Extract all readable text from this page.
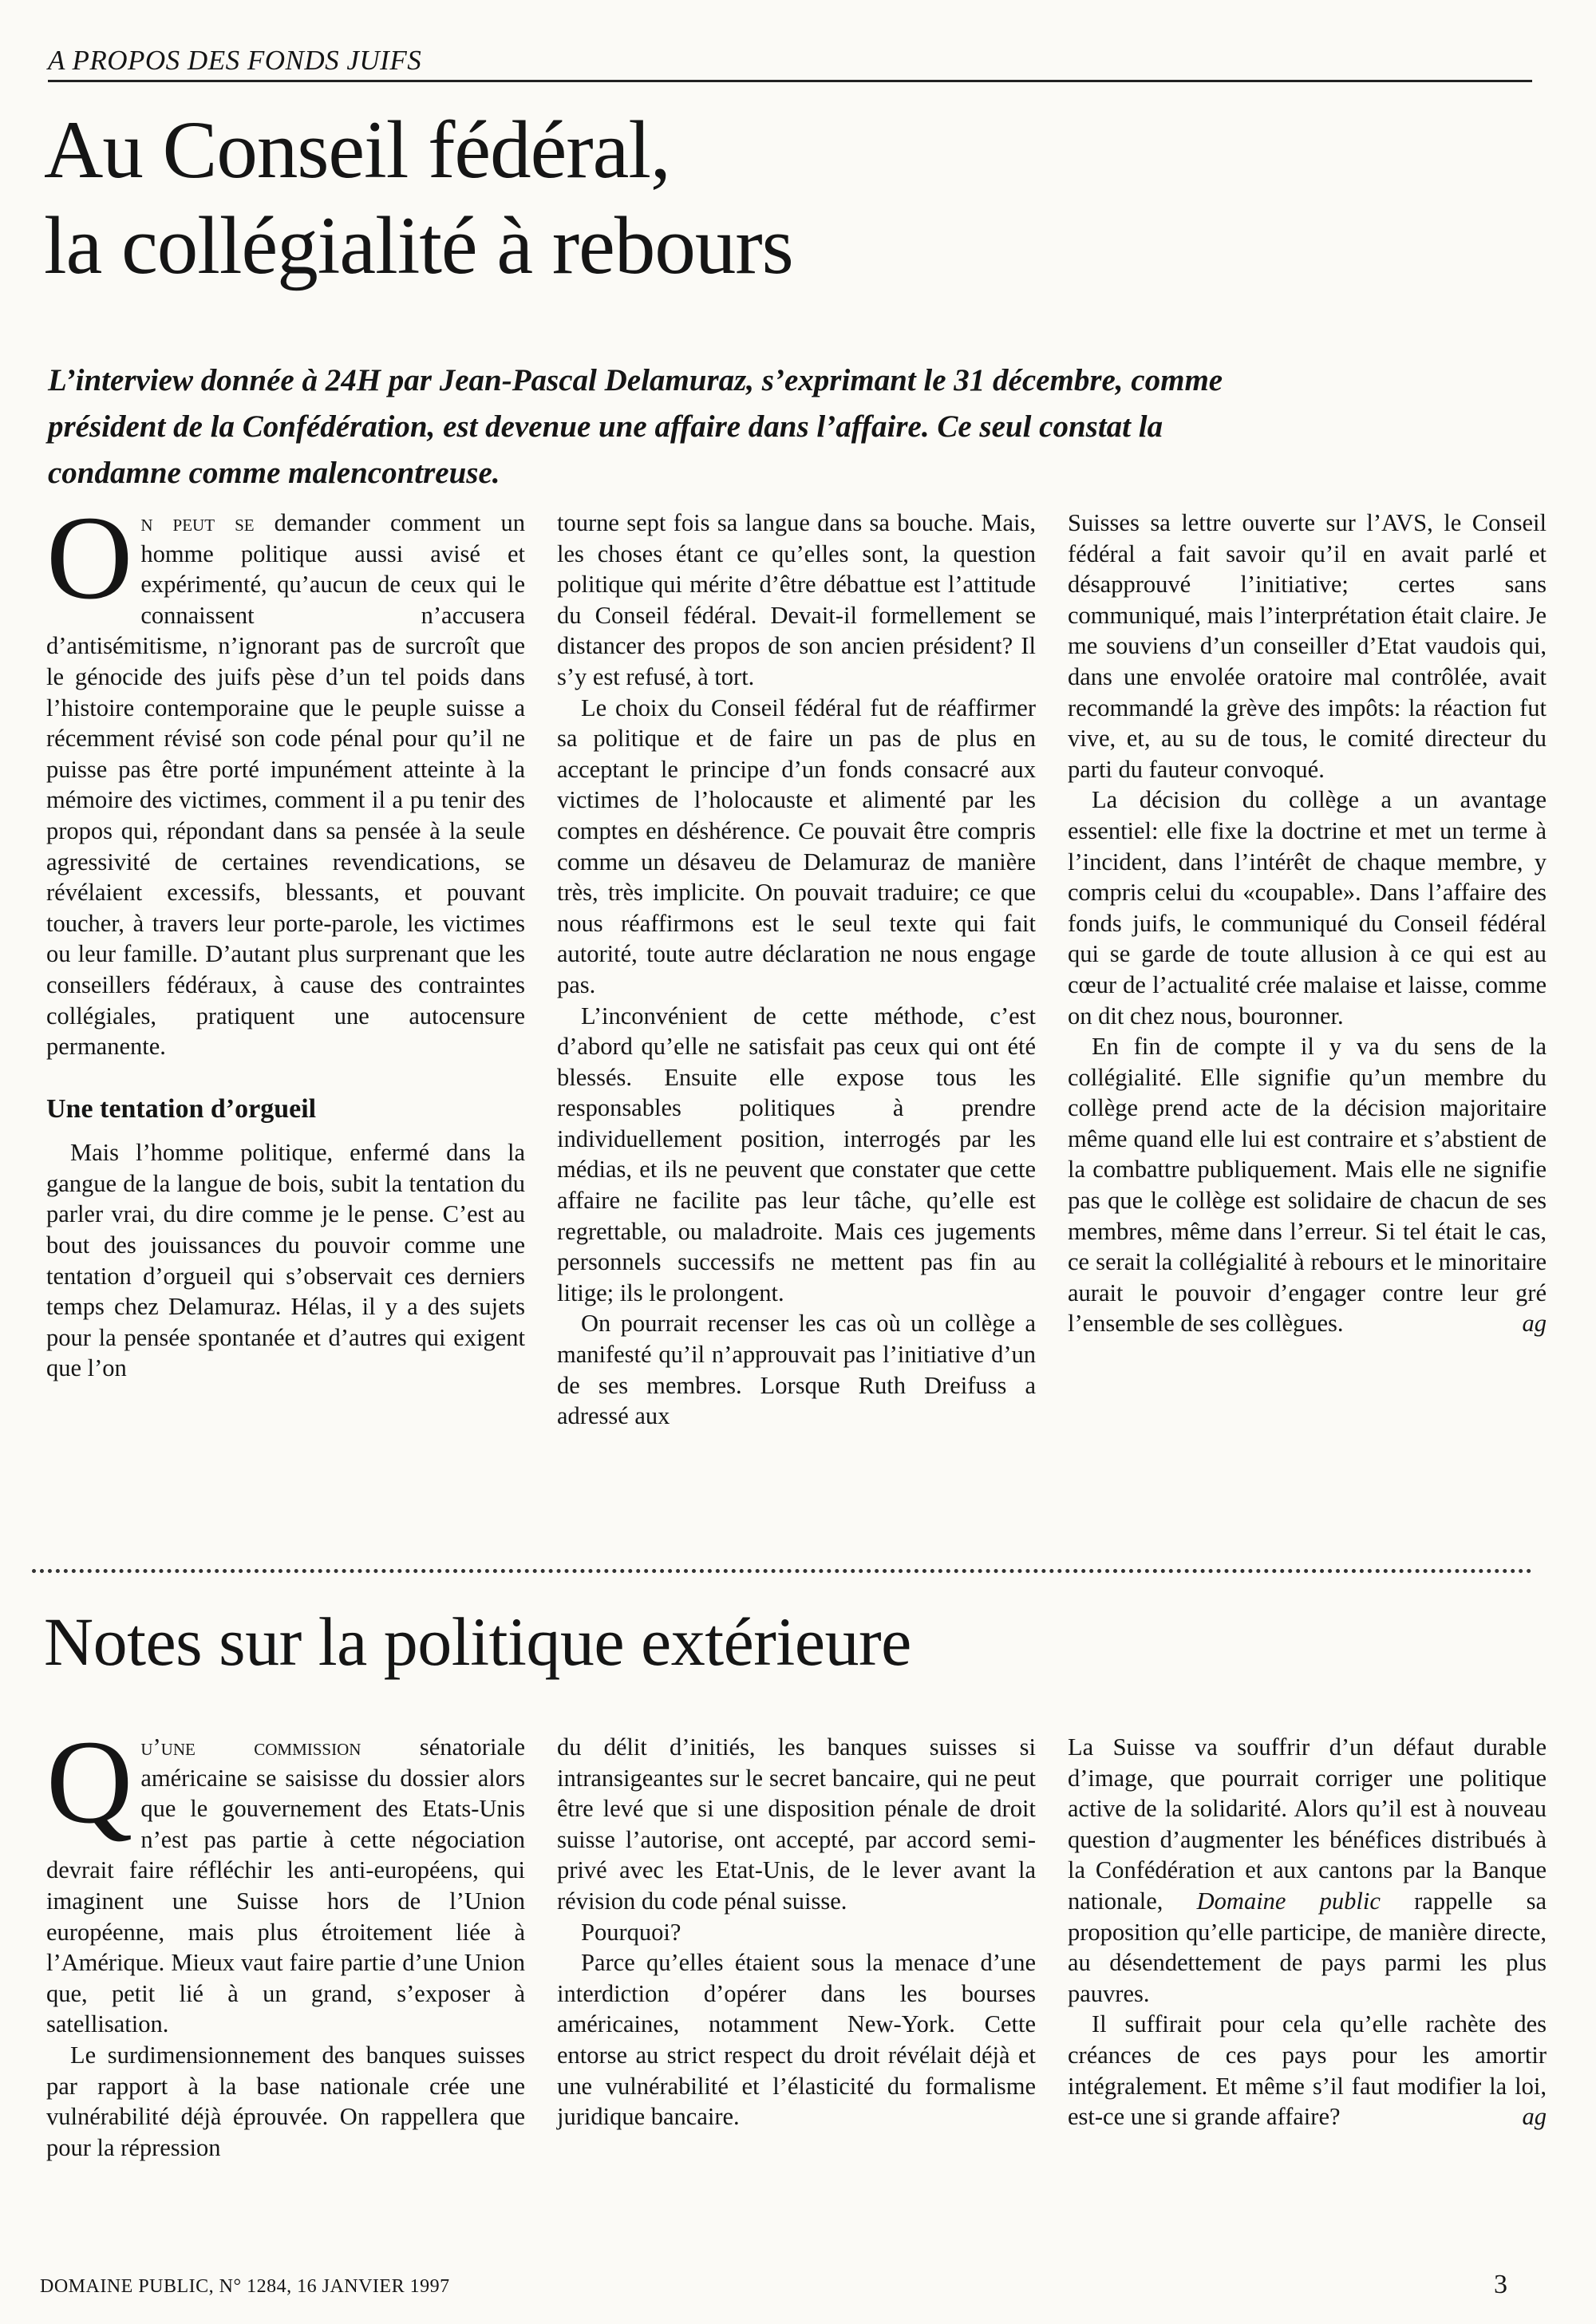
A PROPOS DES FONDS JUIFS
Au Conseil fédéral,
la collégialité à rebours
L’interview donnée à 24H par Jean-Pascal Delamuraz, s’exprimant le 31 décembre, comme président de la Confédération, est devenue une affaire dans l’affaire. Ce seul constat la condamne comme malencontreuse.

On peut se demander comment un homme politique aussi avisé et expérimenté, qu’aucun de ceux qui le connaissent n’accusera d’antisémitisme, n’ignorant pas de surcroît que le génocide des juifs pèse d’un tel poids dans l’histoire contemporaine que le peuple suisse a récemment révisé son code pénal pour qu’il ne puisse pas être porté impunément atteinte à la mémoire des victimes, comment il a pu tenir des propos qui, répondant dans sa pensée à la seule agressivité de certaines revendications, se révélaient excessifs, blessants, et pouvant toucher, à travers leur porte-parole, les victimes ou leur famille. D’autant plus surprenant que les conseillers fédéraux, à cause des contraintes collégiales, pratiquent une autocensure permanente.

Une tentation d’orgueil

Mais l’homme politique, enfermé dans la gangue de la langue de bois, subit la tentation du parler vrai, du dire comme je le pense. C’est au bout des jouissances du pouvoir comme une tentation d’orgueil qui s’observait ces derniers temps chez Delamuraz. Hélas, il y a des sujets pour la pensée spontanée et d’autres qui exigent que l’on

tourne sept fois sa langue dans sa bouche. Mais, les choses étant ce qu’elles sont, la question politique qui mérite d’être débattue est l’attitude du Conseil fédéral. Devait-il formellement se distancer des propos de son ancien président? Il s’y est refusé, à tort.

Le choix du Conseil fédéral fut de réaffirmer sa politique et de faire un pas de plus en acceptant le principe d’un fonds consacré aux victimes de l’holocauste et alimenté par les comptes en déshérence. Ce pouvait être compris comme un désaveu de Delamuraz de manière très, très implicite. On pouvait traduire; ce que nous réaffirmons est le seul texte qui fait autorité, toute autre déclaration ne nous engage pas.

L’inconvénient de cette méthode, c’est d’abord qu’elle ne satisfait pas ceux qui ont été blessés. Ensuite elle expose tous les responsables politiques à prendre individuellement position, interrogés par les médias, et ils ne peuvent que constater que cette affaire ne facilite pas leur tâche, qu’elle est regrettable, ou maladroite. Mais ces jugements personnels successifs ne mettent pas fin au litige; ils le prolongent.

On pourrait recenser les cas où un collège a manifesté qu’il n’approuvait pas l’initiative d’un de ses membres. Lorsque Ruth Dreifuss a adressé aux

Suisses sa lettre ouverte sur l’AVS, le Conseil fédéral a fait savoir qu’il en avait parlé et désapprouvé l’initiative; certes sans communiqué, mais l’interprétation était claire. Je me souviens d’un conseiller d’Etat vaudois qui, dans une envolée oratoire mal contrôlée, avait recommandé la grève des impôts: la réaction fut vive, et, au su de tous, le comité directeur du parti du fauteur convoqué.

La décision du collège a un avantage essentiel: elle fixe la doctrine et met un terme à l’incident, dans l’intérêt de chaque membre, y compris celui du «coupable». Dans l’affaire des fonds juifs, le communiqué du Conseil fédéral qui se garde de toute allusion à ce qui est au cœur de l’actualité crée malaise et laisse, comme on dit chez nous, bouronner.

En fin de compte il y va du sens de la collégialité. Elle signifie qu’un membre du collège prend acte de la décision majoritaire même quand elle lui est contraire et s’abstient de la combattre publiquement. Mais elle ne signifie pas que le collège est solidaire de chacun de ses membres, même dans l’erreur. Si tel était le cas, ce serait la collégialité à rebours et le minoritaire aurait le pouvoir d’engager contre leur gré l’ensemble de ses collègues.	ag

Notes sur la politique extérieure

Qu’une commission sénatoriale américaine se saisisse du dossier alors que le gouvernement des Etats-Unis n’est pas partie à cette négociation devrait faire réfléchir les anti-européens, qui imaginent une Suisse hors de l’Union européenne, mais plus étroitement liée à l’Amérique. Mieux vaut faire partie d’une Union que, petit lié à un grand, s’exposer à satellisation.

Le surdimensionnement des banques suisses par rapport à la base nationale crée une vulnérabilité déjà éprouvée. On rappellera que pour la répression

du délit d’initiés, les banques suisses si intransigeantes sur le secret bancaire, qui ne peut être levé que si une disposition pénale de droit suisse l’autorise, ont accepté, par accord semi-privé avec les Etat-Unis, de le lever avant la révision du code pénal suisse.

Pourquoi?

Parce qu’elles étaient sous la menace d’une interdiction d’opérer dans les bourses américaines, notamment New-York. Cette entorse au strict respect du droit révélait déjà et une vulnérabilité et l’élasticité du formalisme juridique bancaire.

La Suisse va souffrir d’un défaut durable d’image, que pourrait corriger une politique active de la solidarité. Alors qu’il est à nouveau question d’augmenter les bénéfices distribués à la Confédération et aux cantons par la Banque nationale, Domaine public rappelle sa proposition qu’elle participe, de manière directe, au désendettement de pays parmi les plus pauvres.

Il suffirait pour cela qu’elle rachète des créances de ces pays pour les amortir intégralement. Et même s’il faut modifier la loi, est-ce une si grande affaire?	ag

DOMAINE PUBLIC, N° 1284, 16 JANVIER 1997	3
